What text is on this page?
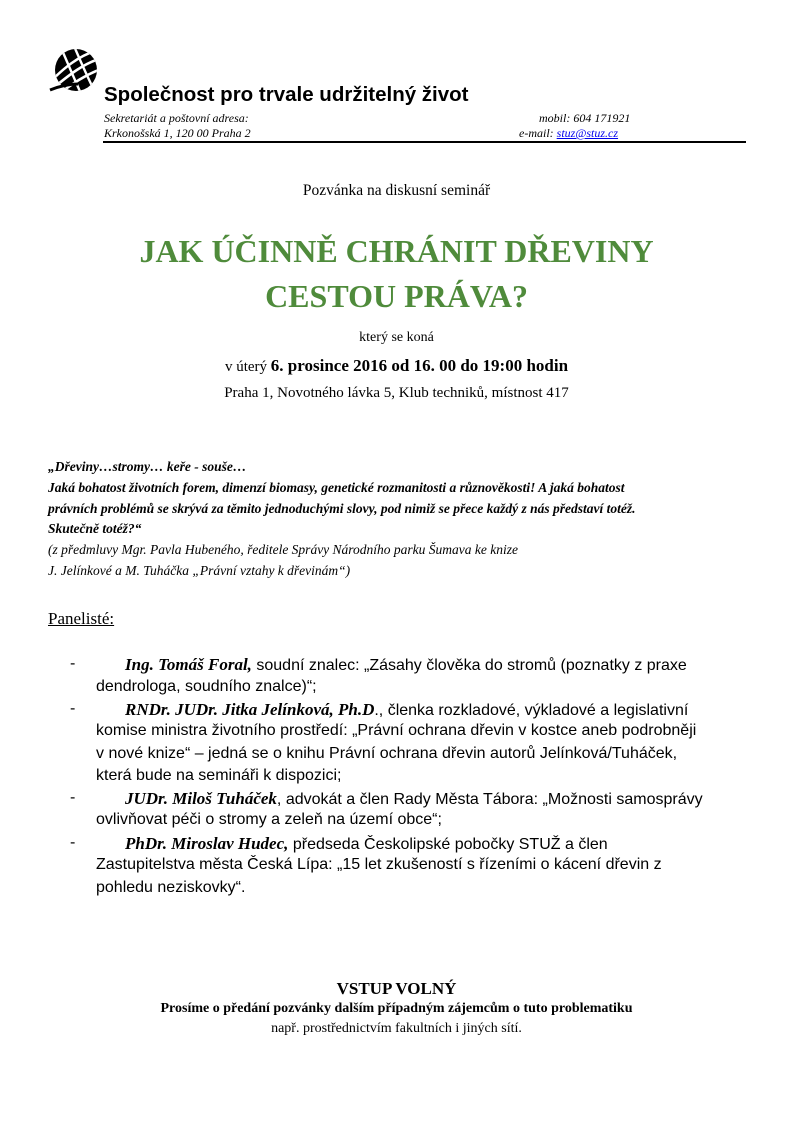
Společnost pro trvale udržitelný život
Sekretariát a poštovní adresa:
Krkonošská 1, 120 00 Praha 2
mobil: 604 171921
e-mail: stuz@stuz.cz
Pozvánka na diskusní seminář
JAK ÚČINNĚ CHRÁNIT DŘEVINY
CESTOU PRÁVA?
který se koná
v úterý 6. prosince 2016 od 16. 00 do 19:00 hodin
Praha 1, Novotného lávka 5, Klub techniků, místnost 417
„Dřeviny…stromy… keře - souše…
Jaká bohatost životních forem, dimenzí biomasy, genetické rozmanitosti a různověkosti! A jaká bohatost
právních problémů se skrývá za těmito jednoduchými slovy, pod nimiž se přece každý z nás představí totéž.
Skutečně totéž?“
(z předmluvy Mgr. Pavla Hubeného, ředitele Správy Národního parku Šumava ke knize
J. Jelínkové a M. Tuháčka „Právní vztahy k dřevinám“)
Panelisté:
-	Ing. Tomáš Foral, soudní znalec: „Zásahy člověka do stromů (poznatky z praxe
dendrologa, soudního znalce)“;
-	RNDr. JUDr. Jitka Jelínková, Ph.D., členka rozkladové, výkladové a legislativní
komise ministra životního prostředí: „Právní ochrana dřevin v kostce aneb podrobněji
v nové knize“ – jedná se o knihu Právní ochrana dřevin autorů Jelínková/Tuháček,
která bude na semináři k dispozici;
-	JUDr. Miloš Tuháček, advokát a člen Rady Města Tábora: „Možnosti samosprávy
ovlivňovat péči o stromy a zeleň na území obce“;
-	PhDr. Miroslav Hudec, předseda Českolipské pobočky STUŽ a člen
Zastupitelstva města Česká Lípa: „15 let zkušeností s řízeními o kácení dřevin z
pohledu neziskovky“.
VSTUP VOLNÝ
Prosíme o předání pozvánky dalším případným zájemcům o tuto problematiku
např. prostřednictvím fakultních i jiných sítí.
